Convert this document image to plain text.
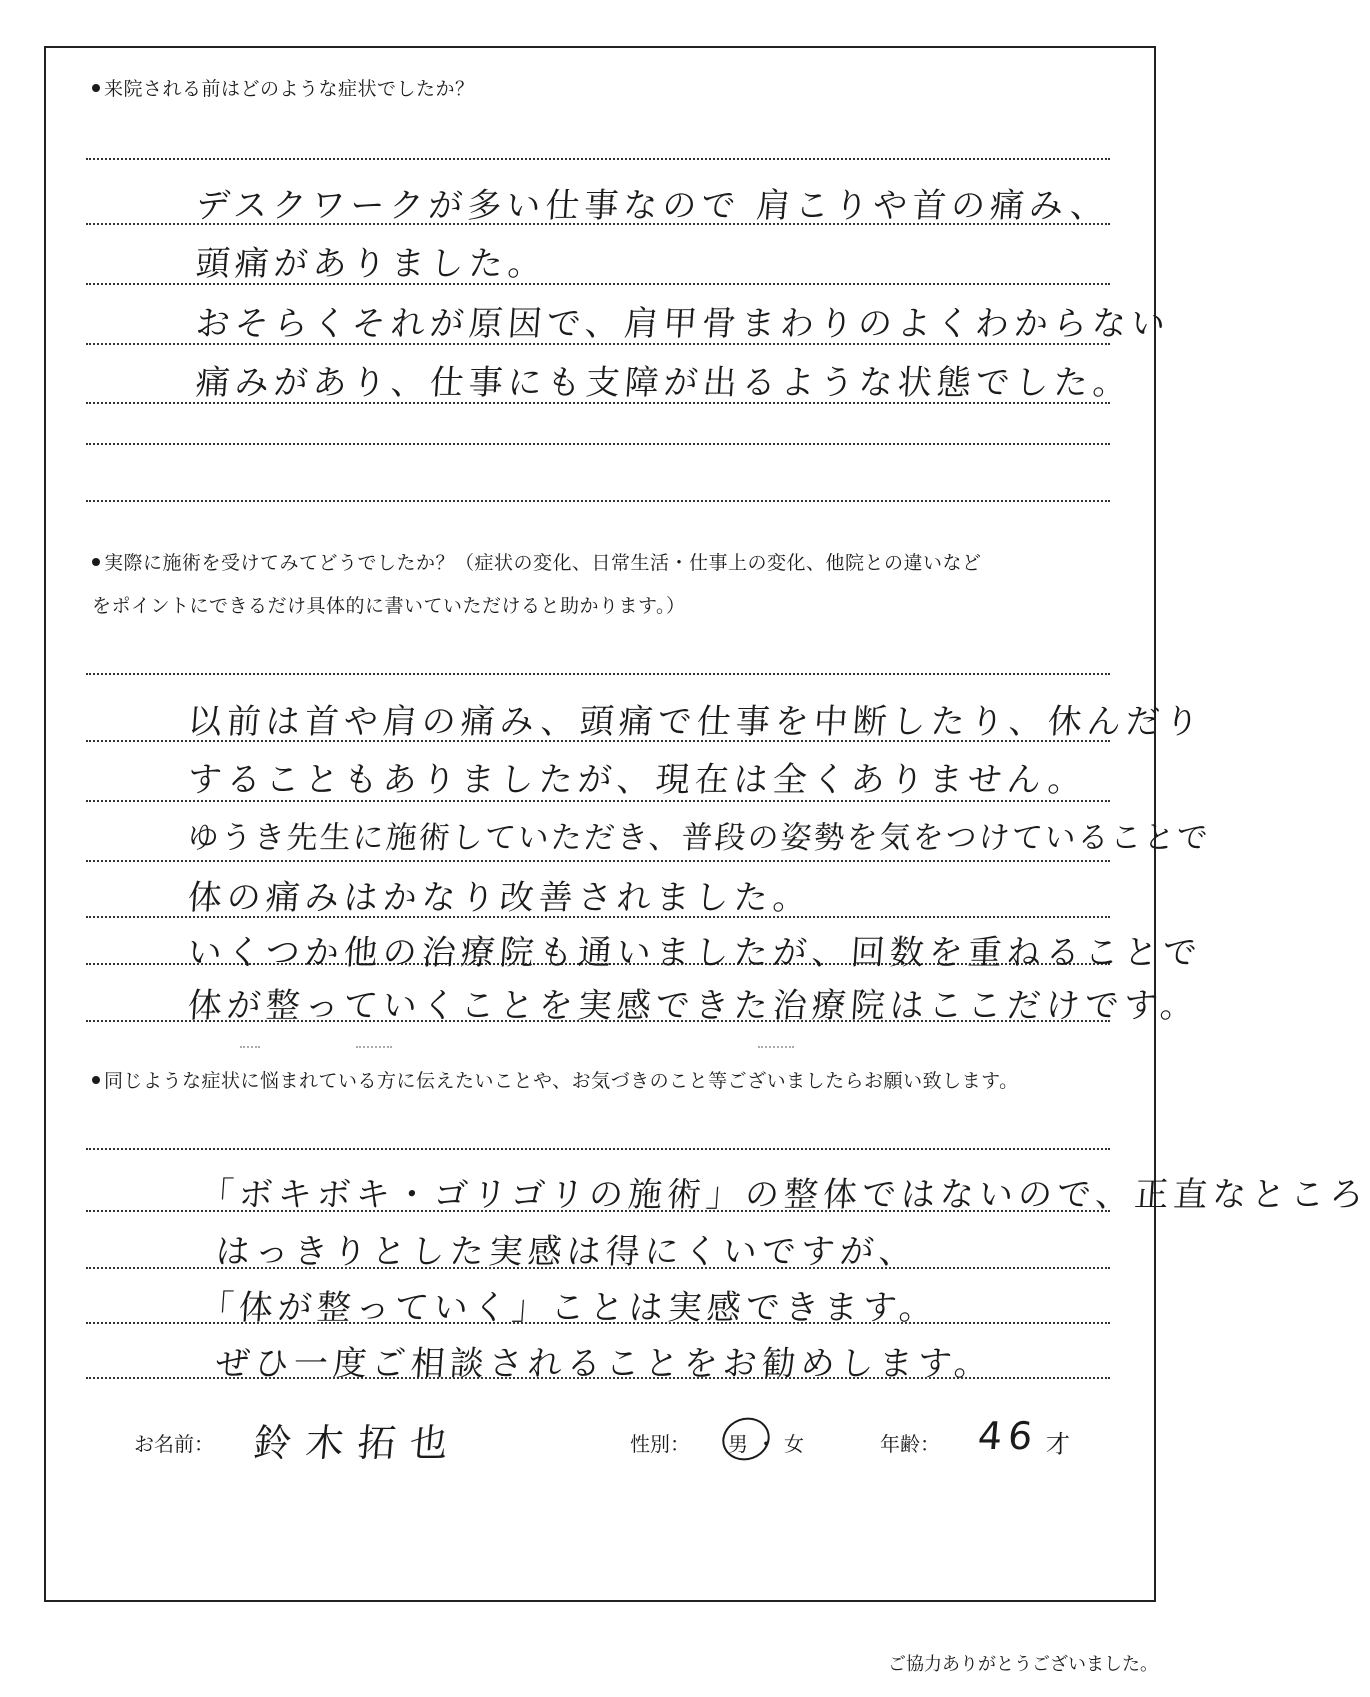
来院される前はどのような症状でしたか？
デスクワークが多い仕事なので 肩こりや首の痛み、
頭痛がありました。
おそらくそれが原因で、肩甲骨まわりのよくわからない
痛みがあり、仕事にも支障が出るような状態でした。
実際に施術を受けてみてどうでしたか？（症状の変化、日常生活・仕事上の変化、他院との違いなど
をポイントにできるだけ具体的に書いていただけると助かります。）
以前は首や肩の痛み、頭痛で仕事を中断したり、休んだり
することもありましたが、現在は全くありません。
ゆうき先生に施術していただき、普段の姿勢を気をつけていることで
体の痛みはかなり改善されました。
いくつか他の治療院も通いましたが、回数を重ねることで
体が整っていくことを実感できた治療院はここだけです。
同じような症状に悩まれている方に伝えたいことや、お気づきのこと等ございましたらお願い致します。
「ボキボキ・ゴリゴリの施術」の整体ではないので、正直なところ
はっきりとした実感は得にくいですが、
「体が整っていく」ことは実感できます。
ぜひ一度ご相談されることをお勧めします。
お名前： 鈴木拓也	性別： 男 ・ 女	年齢： 46 才
ご協力ありがとうございました。
